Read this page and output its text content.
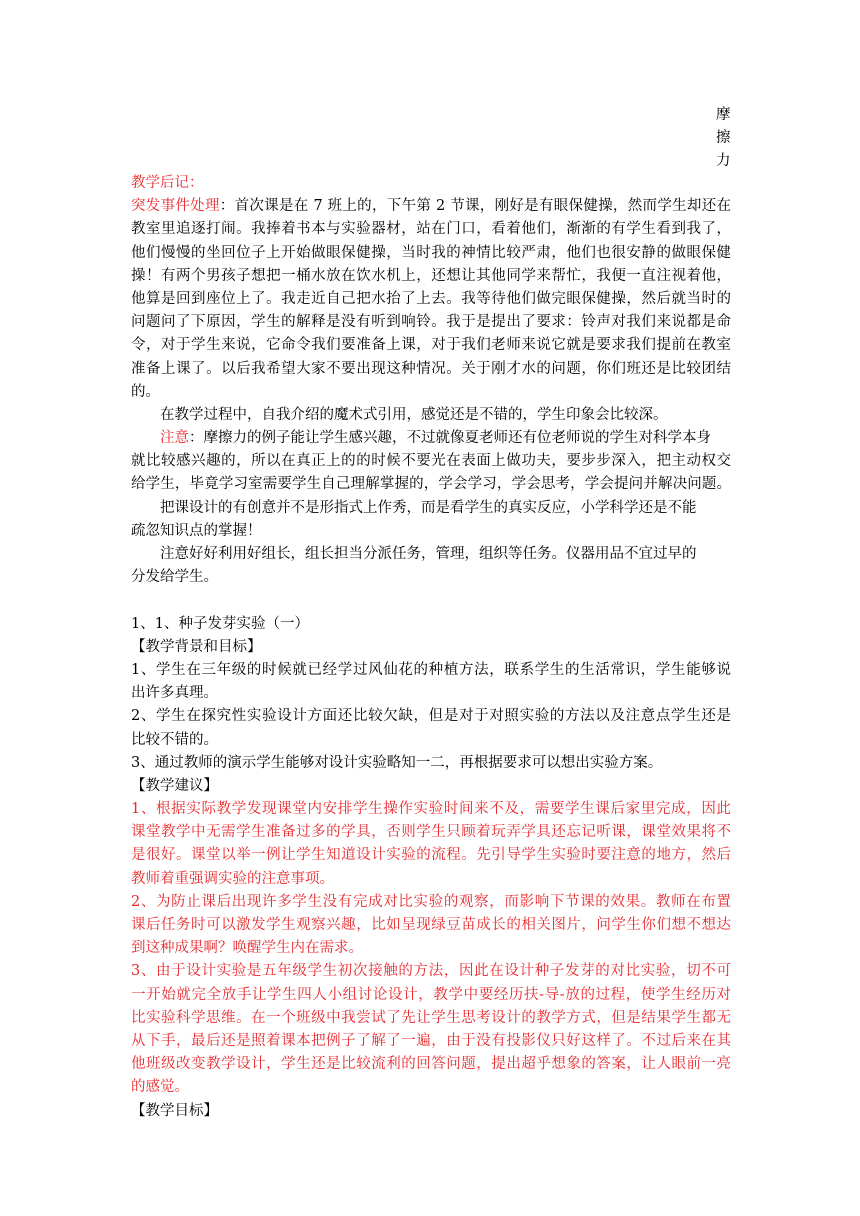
摩
擦
力
教学后记：
突发事件处理：首次课是在 7 班上的，下午第 2 节课，刚好是有眼保健操，然而学生却还在
教室里追逐打闹。我捧着书本与实验器材，站在门口，看着他们，渐渐的有学生看到我了，
他们慢慢的坐回位子上开始做眼保健操，当时我的神情比较严肃，他们也很安静的做眼保健
操！有两个男孩子想把一桶水放在饮水机上，还想让其他同学来帮忙，我便一直注视着他，
他算是回到座位上了。我走近自己把水抬了上去。我等待他们做完眼保健操，然后就当时的
问题问了下原因，学生的解释是没有听到响铃。我于是提出了要求：铃声对我们来说都是命
令，对于学生来说，它命令我们要准备上课，对于我们老师来说它就是要求我们提前在教室
准备上课了。以后我希望大家不要出现这种情况。关于刚才水的问题，你们班还是比较团结
的。
在教学过程中，自我介绍的魔术式引用，感觉还是不错的，学生印象会比较深。
注意：摩擦力的例子能让学生感兴趣，不过就像夏老师还有位老师说的学生对科学本身
就比较感兴趣的，所以在真正上的的时候不要光在表面上做功夫，要步步深入，把主动权交
给学生，毕竟学习室需要学生自己理解掌握的，学会学习，学会思考，学会提问并解决问题。
把课设计的有创意并不是形指式上作秀，而是看学生的真实反应，小学科学还是不能
疏忽知识点的掌握！
注意好好利用好组长，组长担当分派任务，管理，组织等任务。仪器用品不宜过早的
分发给学生。
1、1、种子发芽实验（一）
【教学背景和目标】
1、学生在三年级的时候就已经学过风仙花的种植方法，联系学生的生活常识，学生能够说
出许多真理。
2、学生在探究性实验设计方面还比较欠缺，但是对于对照实验的方法以及注意点学生还是
比较不错的。
3、通过教师的演示学生能够对设计实验略知一二，再根据要求可以想出实验方案。
【教学建议】
1、根据实际教学发现课堂内安排学生操作实验时间来不及，需要学生课后家里完成，因此
课堂教学中无需学生准备过多的学具，否则学生只顾着玩弄学具还忘记听课，课堂效果将不
是很好。课堂以举一例让学生知道设计实验的流程。先引导学生实验时要注意的地方，然后
教师着重强调实验的注意事项。
2、为防止课后出现许多学生没有完成对比实验的观察，而影响下节课的效果。教师在布置
课后任务时可以激发学生观察兴趣，比如呈现绿豆苗成长的相关图片，问学生你们想不想达
到这种成果啊？唤醒学生内在需求。
3、由于设计实验是五年级学生初次接触的方法，因此在设计种子发芽的对比实验，切不可
一开始就完全放手让学生四人小组讨论设计，教学中要经历扶-导-放的过程，使学生经历对
比实验科学思维。在一个班级中我尝试了先让学生思考设计的教学方式，但是结果学生都无
从下手，最后还是照着课本把例子了解了一遍，由于没有投影仪只好这样了。不过后来在其
他班级改变教学设计，学生还是比较流利的回答问题，提出超乎想象的答案，让人眼前一亮
的感觉。
【教学目标】
